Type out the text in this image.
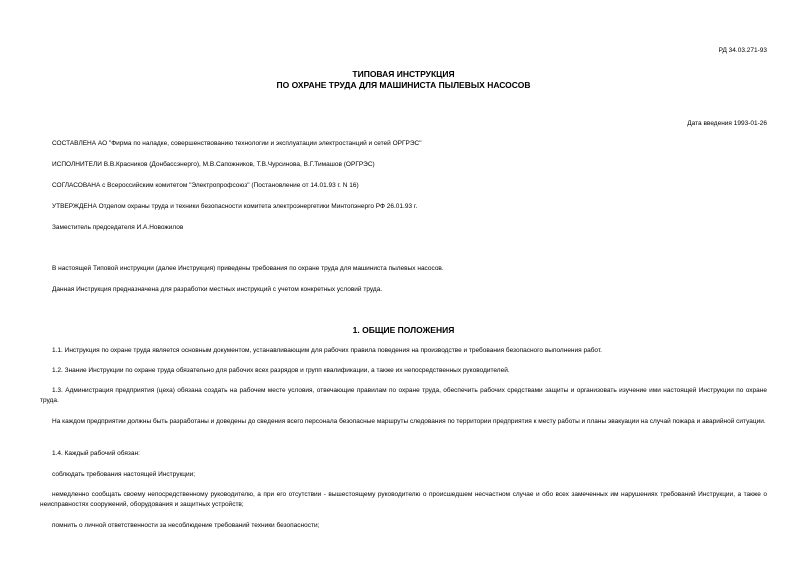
РД 34.03.271-93
ТИПОВАЯ ИНСТРУКЦИЯ
ПО ОХРАНЕ ТРУДА ДЛЯ МАШИНИСТА ПЫЛЕВЫХ НАСОСОВ
Дата введения 1993-01-26
СОСТАВЛЕНА АО "Фирма по наладке, совершенствованию технологии и эксплуатации электростанций и сетей ОРГРЭС"
ИСПОЛНИТЕЛИ В.В.Красников (Донбассэнерго), М.В.Сапожников, Т.В.Чурсинова, В.Г.Тимашов (ОРГРЭС)
СОГЛАСОВАНА с Всероссийским комитетом "Электропрофсоюз" (Постановление от 14.01.93 г. N 16)
УТВЕРЖДЕНА Отделом охраны труда и техники безопасности комитета электроэнергетики Минтопэнерго РФ 26.01.93 г.
Заместитель председателя И.А.Новожилов
В настоящей Типовой инструкции (далее Инструкция) приведены требования по охране труда для машиниста пылевых насосов.
Данная Инструкция предназначена для разработки местных инструкций с учетом конкретных условий труда.
1. ОБЩИЕ ПОЛОЖЕНИЯ
1.1. Инструкция по охране труда является основным документом, устанавливающим для рабочих правила поведения на производстве и требования безопасного выполнения работ.
1.2. Знание Инструкции по охране труда обязательно для рабочих всех разрядов и групп квалификации, а также их непосредственных руководителей.
1.3. Администрация предприятия (цеха) обязана создать на рабочем месте условия, отвечающие правилам по охране труда, обеспечить рабочих средствами защиты и организовать изучение ими настоящей Инструкции по охране труда.
На каждом предприятии должны быть разработаны и доведены до сведения всего персонала безопасные маршруты следования по территории предприятия к месту работы и планы эвакуации на случай пожара и аварийной ситуации.
1.4. Каждый рабочий обязан:
соблюдать требования настоящей Инструкции;
немедленно сообщать своему непосредственному руководителю, а при его отсутствии - вышестоящему руководителю о происшедшем несчастном случае и обо всех замеченных им нарушениях требований Инструкции, а также о неисправностях сооружений, оборудования и защитных устройств;
помнить о личной ответственности за несоблюдение требований техники безопасности;
